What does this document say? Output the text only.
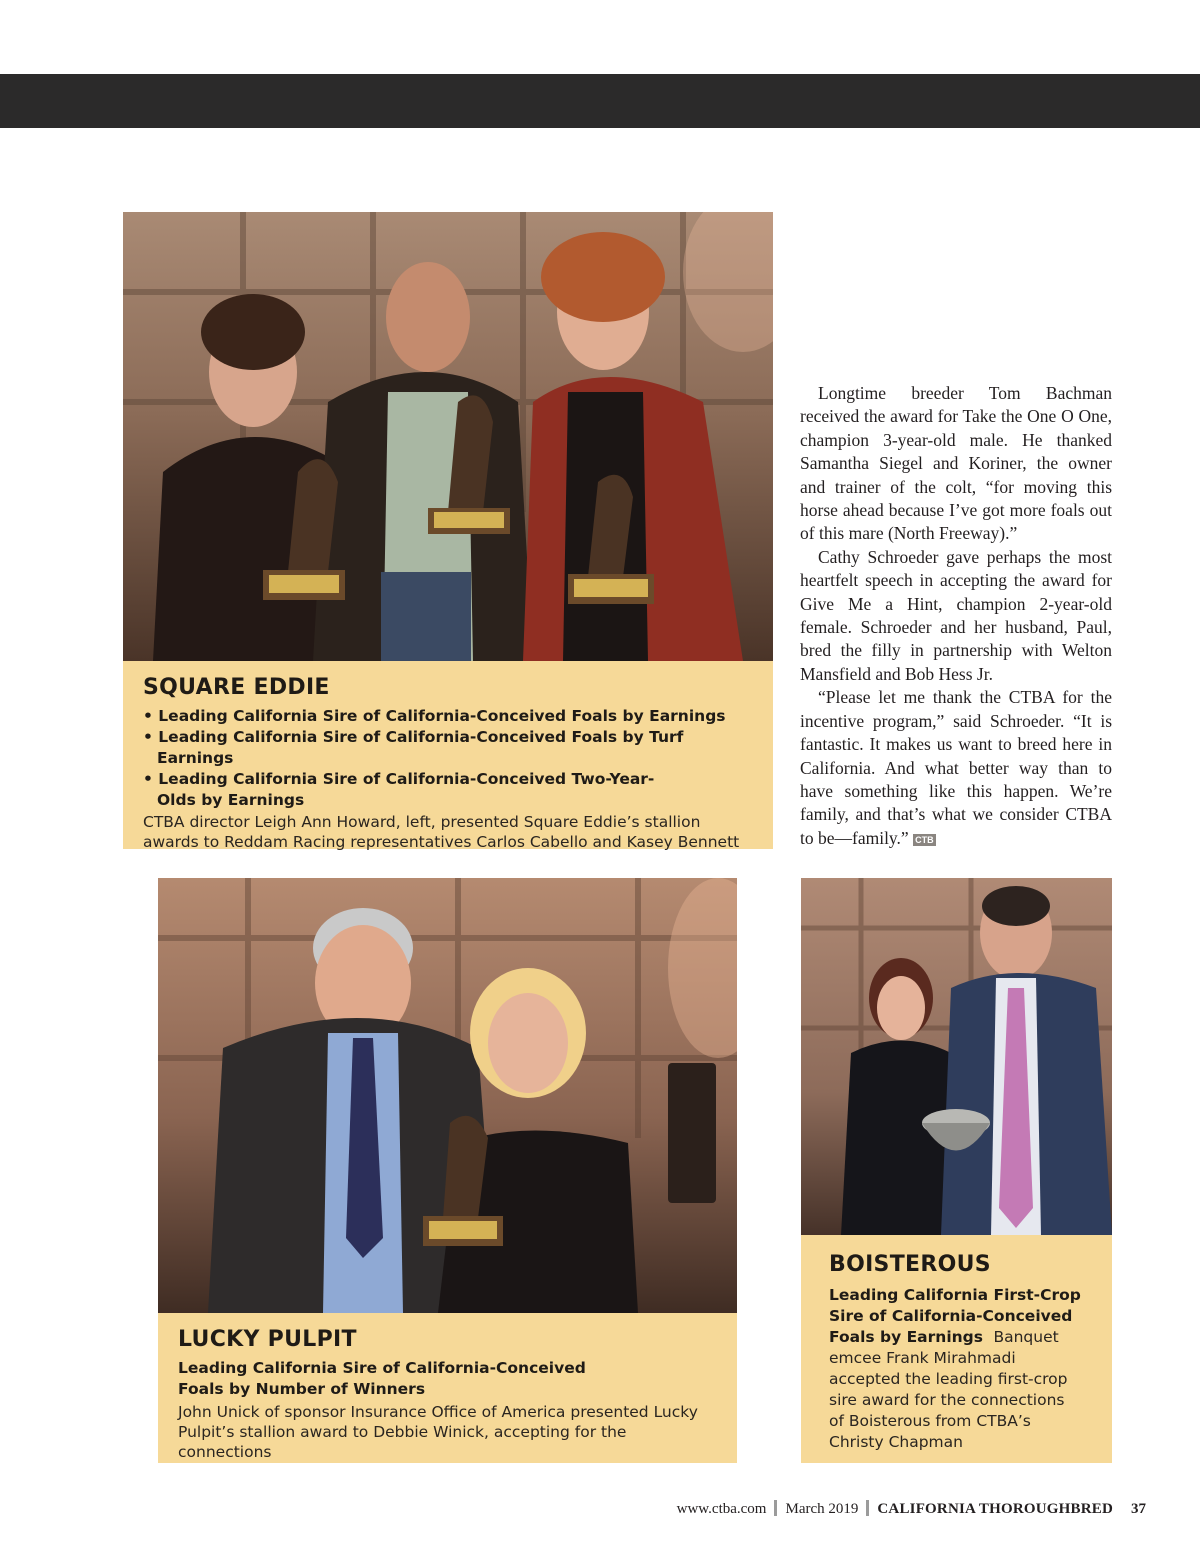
SQUARE EDDIE
• Leading California Sire of California-Conceived Foals by Earnings
• Leading California Sire of California-Conceived Foals by Turf Earnings
• Leading California Sire of California-Conceived Two-Year-Olds by Earnings
CTBA director Leigh Ann Howard, left, presented Square Eddie’s stallion awards to Reddam Racing representatives Carlos Cabello and Kasey Bennett

Longtime breeder Tom Bachman received the award for Take the One O One, champion 3-year-old male. He thanked Samantha Siegel and Koriner, the owner and trainer of the colt, “for moving this horse ahead because I’ve got more foals out of this mare (North Freeway).”

Cathy Schroeder gave perhaps the most heartfelt speech in accepting the award for Give Me a Hint, champion 2-year-old female. Schroeder and her husband, Paul, bred the filly in partnership with Welton Mansfield and Bob Hess Jr.

“Please let me thank the CTBA for the incentive program,” said Schroeder. “It is fantastic. It makes us want to breed here in California. And what better way than to have something like this happen. We’re family, and that’s what we consider CTBA to be—family.” CTB

LUCKY PULPIT
Leading California Sire of California-Conceived Foals by Number of Winners
John Unick of sponsor Insurance Office of America presented Lucky Pulpit’s stallion award to Debbie Winick, accepting for the connections
BOISTEROUS
Leading California First-Crop Sire of California-Conceived Foals by Earnings Banquet emcee Frank Mirahmadi accepted the leading first-crop sire award for the connections of Boisterous from CTBA’s Christy Chapman
www.ctba.com March 2019 CALIFORNIA THOROUGHBRED 37
